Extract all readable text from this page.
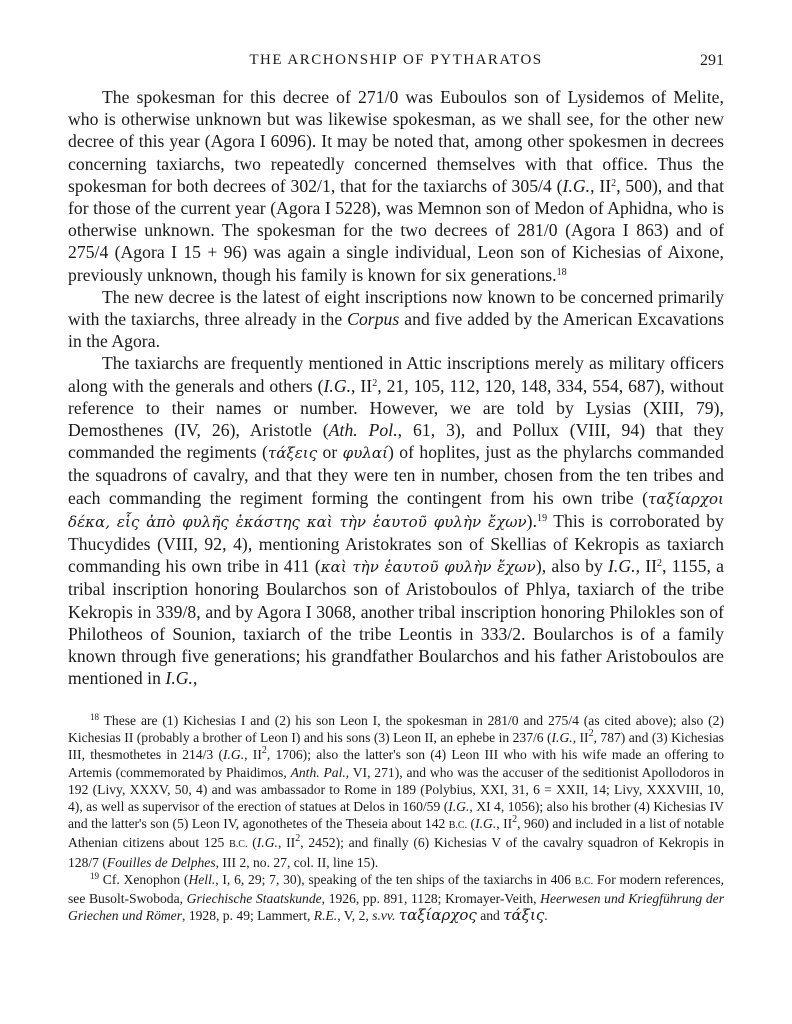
THE ARCHONSHIP OF PYTHARATOS	291

The spokesman for this decree of 271/0 was Euboulos son of Lysidemos of Melite, who is otherwise unknown but was likewise spokesman, as we shall see, for the other new decree of this year (Agora I 6096). It may be noted that, among other spokesmen in decrees concerning taxiarchs, two repeatedly concerned themselves with that office. Thus the spokesman for both decrees of 302/1, that for the taxiarchs of 305/4 (I.G., $II^2$, 500), and that for those of the current year (Agora I 5228), was Memnon son of Medon of Aphidna, who is otherwise unknown. The spokesman for the two decrees of 281/0 (Agora I 863) and of 275/4 (Agora I 15 + 96) was again a single individual, Leon son of Kichesias of Aixone, previously unknown, though his family is known for six generations.$^{18}$

The new decree is the latest of eight inscriptions now known to be concerned primarily with the taxiarchs, three already in the Corpus and five added by the American Excavations in the Agora.

The taxiarchs are frequently mentioned in Attic inscriptions merely as military officers along with the generals and others (I.G., $II^2$, 21, 105, 112, 120, 148, 334, 554, 687), without reference to their names or number. However, we are told by Lysias (XIII, 79), Demosthenes (IV, 26), Aristotle (Ath. Pol., 61, 3), and Pollux (VIII, 94) that they commanded the regiments (τάξεις or φυλαί) of hoplites, just as the phylarchs commanded the squadrons of cavalry, and that they were ten in number, chosen from the ten tribes and each commanding the regiment forming the contingent from his own tribe (ταξίαρχοι δέκα, εἷς ἀπὸ φυλῆς ἑκάστης καὶ τὴν ἑαυτοῦ φυλὴν ἔχων).$^{19}$ This is corroborated by Thucydides (VIII, 92, 4), mentioning Aristokrates son of Skellias of Kekropis as taxiarch commanding his own tribe in 411 (καὶ τὴν ἑαυτοῦ φυλὴν ἔχων), also by I.G., $II^2$, 1155, a tribal inscription honoring Boularchos son of Aristoboulos of Phlya, taxiarch of the tribe Kekropis in 339/8, and by Agora I 3068, another tribal inscription honoring Philokles son of Philotheos of Sounion, taxiarch of the tribe Leontis in 333/2. Boularchos is of a family known through five generations; his grandfather Boularchos and his father Aristoboulos are mentioned in I.G.,

$^{18}$ These are (1) Kichesias I and (2) his son Leon I, the spokesman in 281/0 and 275/4 (as cited above); also (2) Kichesias II (probably a brother of Leon I) and his sons (3) Leon II, an ephebe in 237/6 (I.G., $II^2$, 787) and (3) Kichesias III, thesmothetes in 214/3 (I.G., $II^2$, 1706); also the latter's son (4) Leon III who with his wife made an offering to Artemis (commemorated by Phaidimos, Anth. Pal., VI, 271), and who was the accuser of the seditionist Apollodoros in 192 (Livy, XXXV, 50, 4) and was ambassador to Rome in 189 (Polybius, XXI, 31, 6 = XXII, 14; Livy, XXXVIII, 10, 4), as well as supervisor of the erection of statues at Delos in 160/59 (I.G., XI 4, 1056); also his brother (4) Kichesias IV and the latter's son (5) Leon IV, agonothetes of the Theseia about 142 B.C. (I.G., $II^2$, 960) and included in a list of notable Athenian citizens about 125 B.C. (I.G., $II^2$, 2452); and finally (6) Kichesias V of the cavalry squadron of Kekropis in 128/7 (Fouilles de Delphes, III 2, no. 27, col. II, line 15).

$^{19}$ Cf. Xenophon (Hell., I, 6, 29; 7, 30), speaking of the ten ships of the taxiarchs in 406 B.C. For modern references, see Busolt-Swoboda, Griechische Staatskunde, 1926, pp. 891, 1128; Kromayer-Veith, Heerwesen und Kriegführung der Griechen und Römer, 1928, p. 49; Lammert, R.E., V, 2, s.vv. ταξίαρχος and τάξις.
